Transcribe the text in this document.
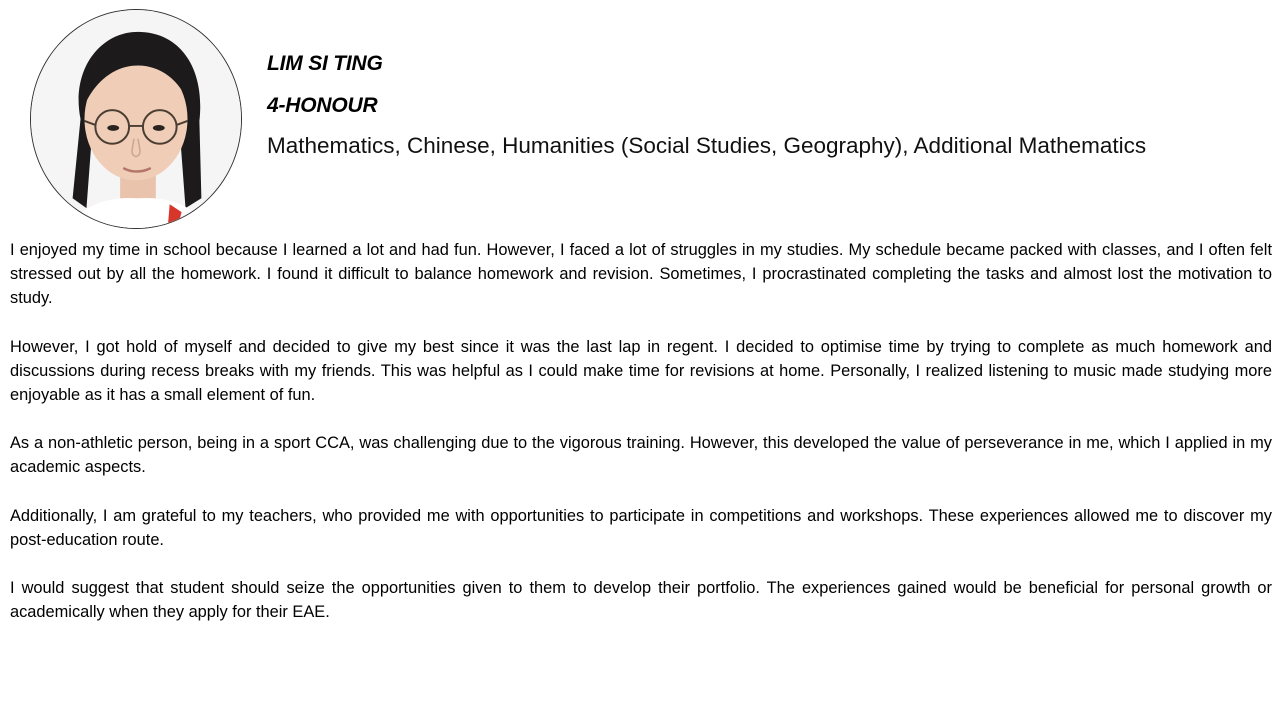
LIM SI TING
4-HONOUR
Mathematics, Chinese, Humanities (Social Studies, Geography), Additional Mathematics

I enjoyed my time in school because I learned a lot and had fun. However, I faced a lot of struggles in my studies. My schedule became packed with classes, and I often felt stressed out by all the homework. I found it difficult to balance homework and revision. Sometimes, I procrastinated completing the tasks and almost lost the motivation to study.

However, I got hold of myself and decided to give my best since it was the last lap in regent. I decided to optimise time by trying to complete as much homework and discussions during recess breaks with my friends. This was helpful as I could make time for revisions at home. Personally, I realized listening to music made studying more enjoyable as it has a small element of fun.

As a non-athletic person, being in a sport CCA, was challenging due to the vigorous training. However, this developed the value of perseverance in me, which I applied in my academic aspects.

Additionally, I am grateful to my teachers, who provided me with opportunities to participate in competitions and workshops. These experiences allowed me to discover my post-education route.

I would suggest that student should seize the opportunities given to them to develop their portfolio. The experiences gained would be beneficial for personal growth or academically when they apply for their EAE.
